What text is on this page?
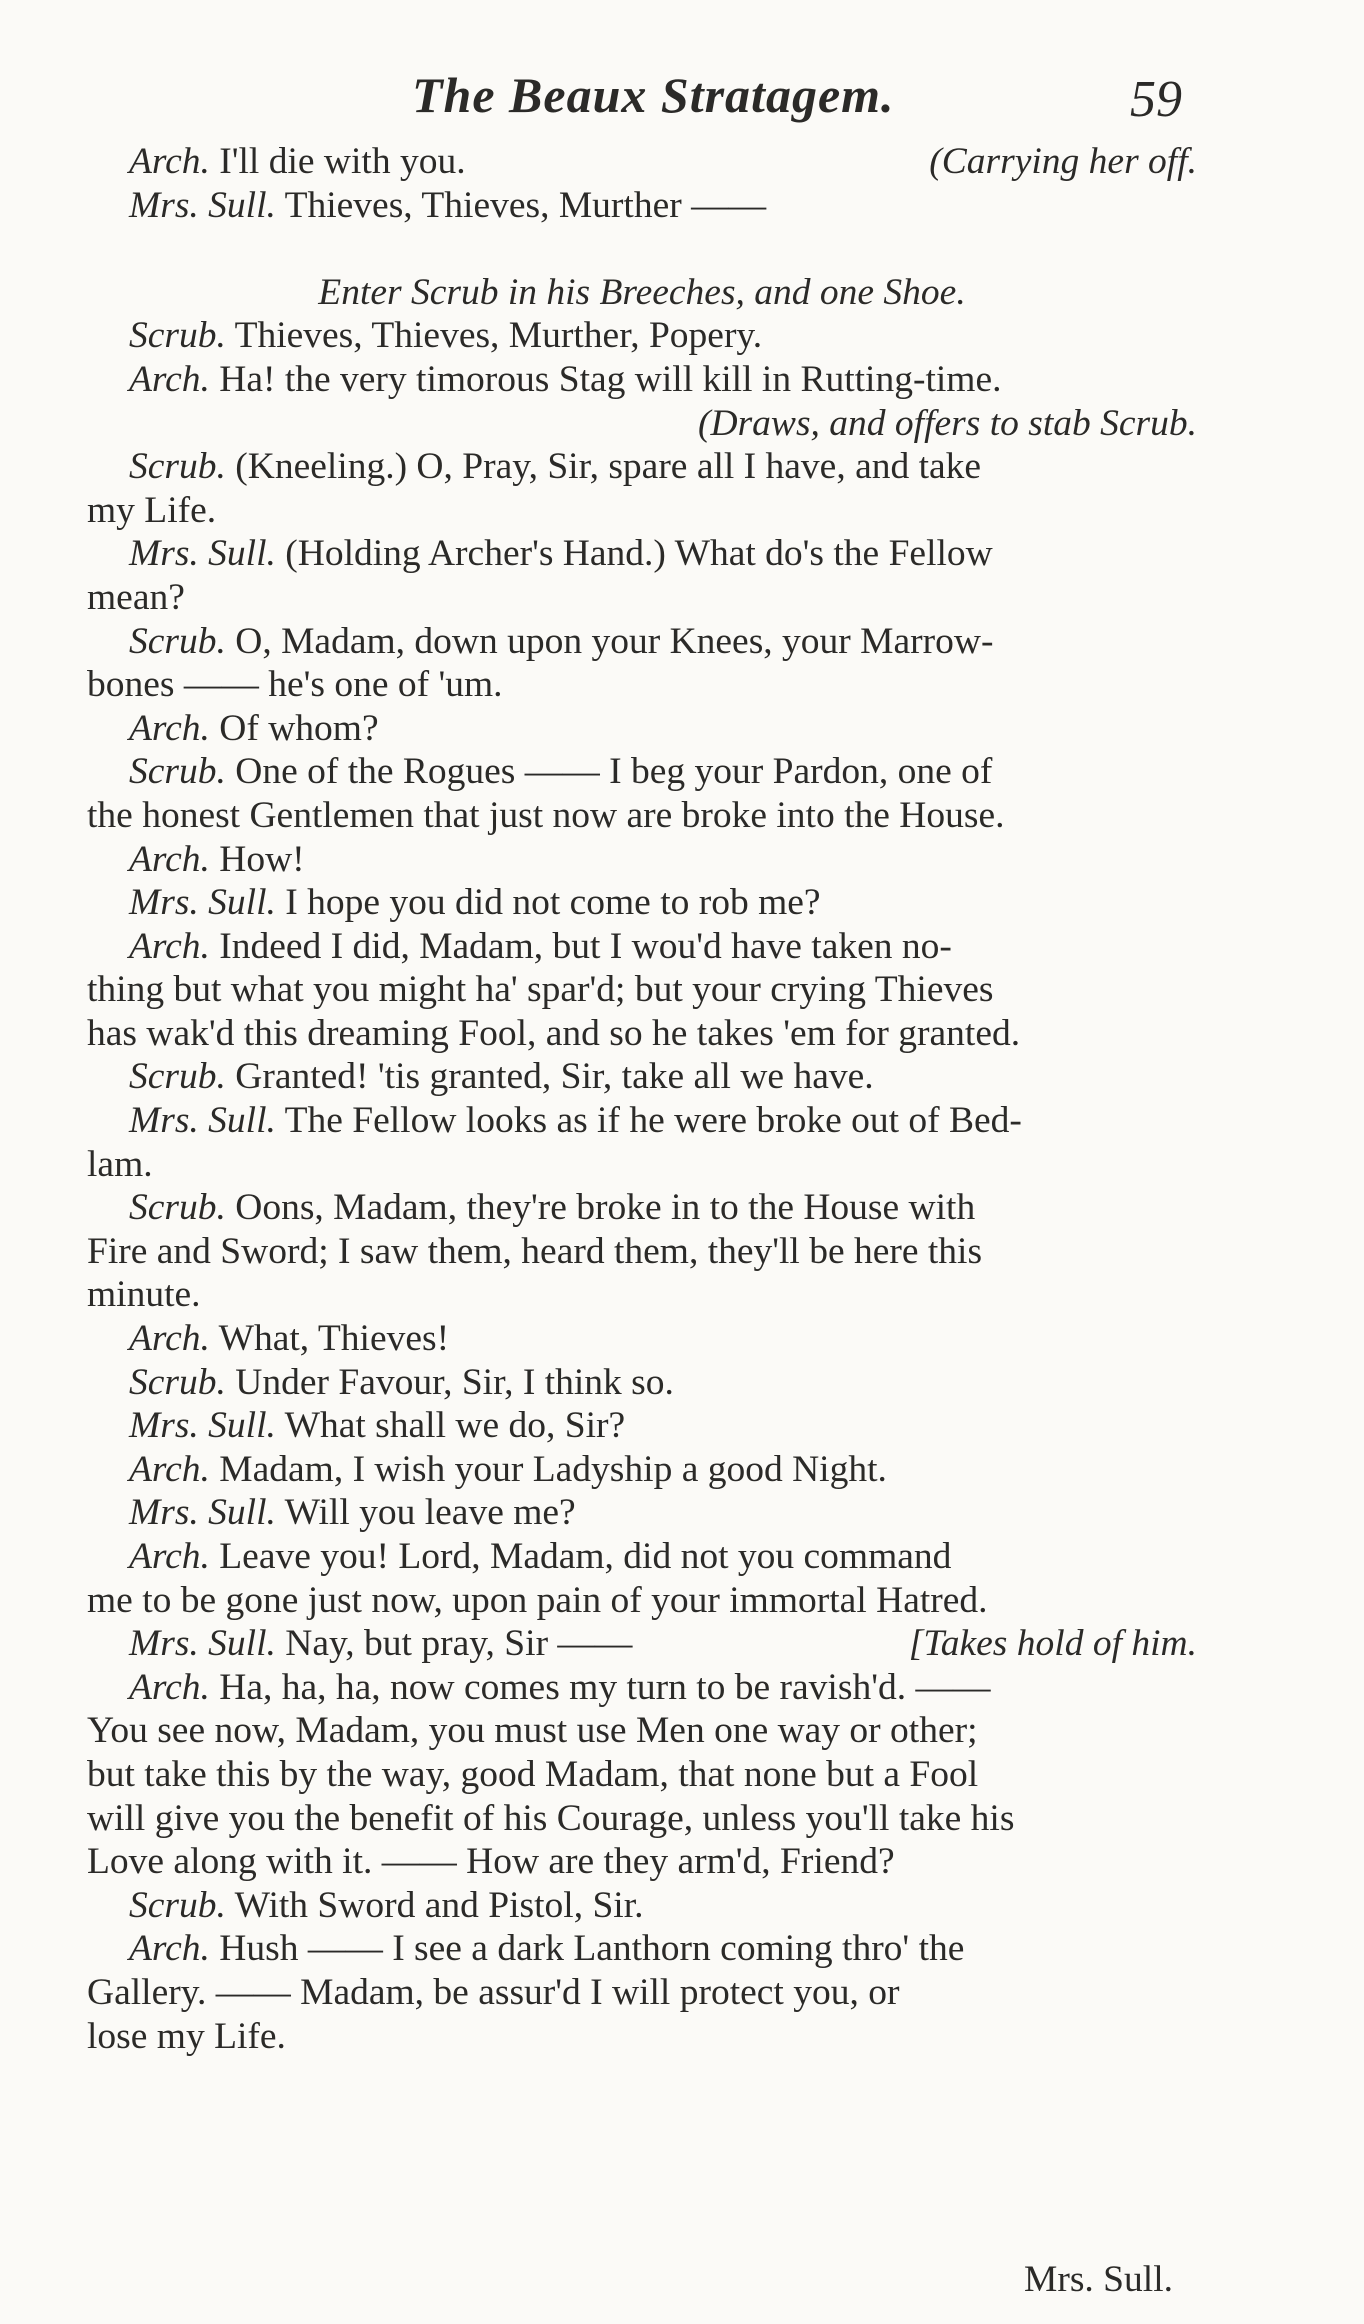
The Beaux Stratagem.	59
Arch.	(Carrying her off.
I'll die with you.
Mrs. Sull. Thieves, Thieves, Murther ——
Enter Scrub in his Breeches, and one Shoe.
Scrub. Thieves, Thieves, Murther, Popery.
Arch. Ha! the very timorous Stag will kill in Rutting-time.
(Draws, and offers to stab Scrub.
Scrub. (Kneeling.) O, Pray, Sir, spare all I have, and take
my Life.
Mrs. Sull. (Holding Archer's Hand.) What do's the Fellow
mean?
Scrub. O, Madam, down upon your Knees, your Marrow-
bones —— he's one of 'um.
Arch. Of whom?
Scrub. One of the Rogues —— I beg your Pardon, one of
the honest Gentlemen that just now are broke into the House.
Arch. How!
Mrs. Sull. I hope you did not come to rob me?
Arch. Indeed I did, Madam, but I wou'd have taken no-
thing but what you might ha' spar'd; but your crying Thieves
has wak'd this dreaming Fool, and so he takes 'em for granted.
Scrub. Granted! 'tis granted, Sir, take all we have.
Mrs. Sull. The Fellow looks as if he were broke out of Bed-
lam.
Scrub. Oons, Madam, they're broke in to the House with
Fire and Sword; I saw them, heard them, they'll be here this
minute.
Arch. What, Thieves!
Scrub. Under Favour, Sir, I think so.
Mrs. Sull. What shall we do, Sir?
Arch. Madam, I wish your Ladyship a good Night.
Mrs. Sull. Will you leave me?
Arch. Leave you! Lord, Madam, did not you command
me to be gone just now, upon pain of your immortal Hatred.
Mrs. Sull.	[Takes hold of him.
Nay, but pray, Sir ——
Arch. Ha, ha, ha, now comes my turn to be ravish'd. ——
You see now, Madam, you must use Men one way or other;
but take this by the way, good Madam, that none but a Fool
will give you the benefit of his Courage, unless you'll take his
Love along with it. —— How are they arm'd, Friend?
Scrub. With Sword and Pistol, Sir.
Arch. Hush —— I see a dark Lanthorn coming thro' the
Gallery. —— Madam, be assur'd I will protect you, or
lose my Life.
Mrs. Sull.
